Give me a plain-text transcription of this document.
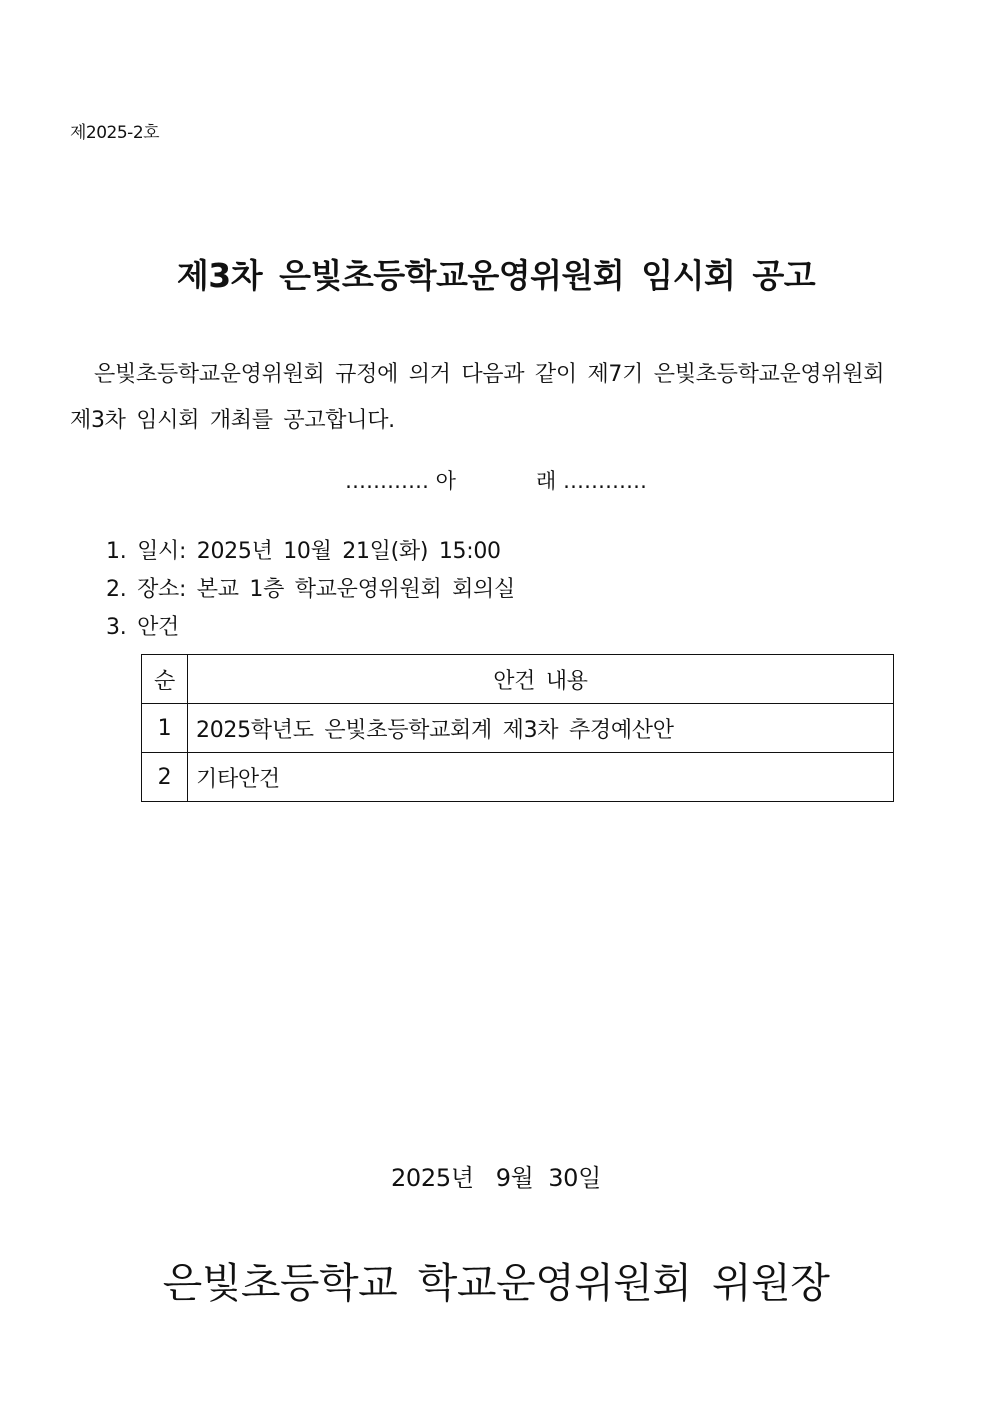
제2025-2호
제3차 은빛초등학교운영위원회 임시회 공고
은빛초등학교운영위원회 규정에 의거 다음과 같이 제7기 은빛초등학교운영위원회
제3차 임시회 개최를 공고합니다.
………… 아            래 …………
1. 일시: 2025년 10월 21일(화) 15:00
2. 장소: 본교 1층 학교운영위원회 회의실
3. 안건
순	안건 내용
1	2025학년도 은빛초등학교회계 제3차 추경예산안
2	기타안건
2025년   9월  30일
은빛초등학교 학교운영위원회 위원장
